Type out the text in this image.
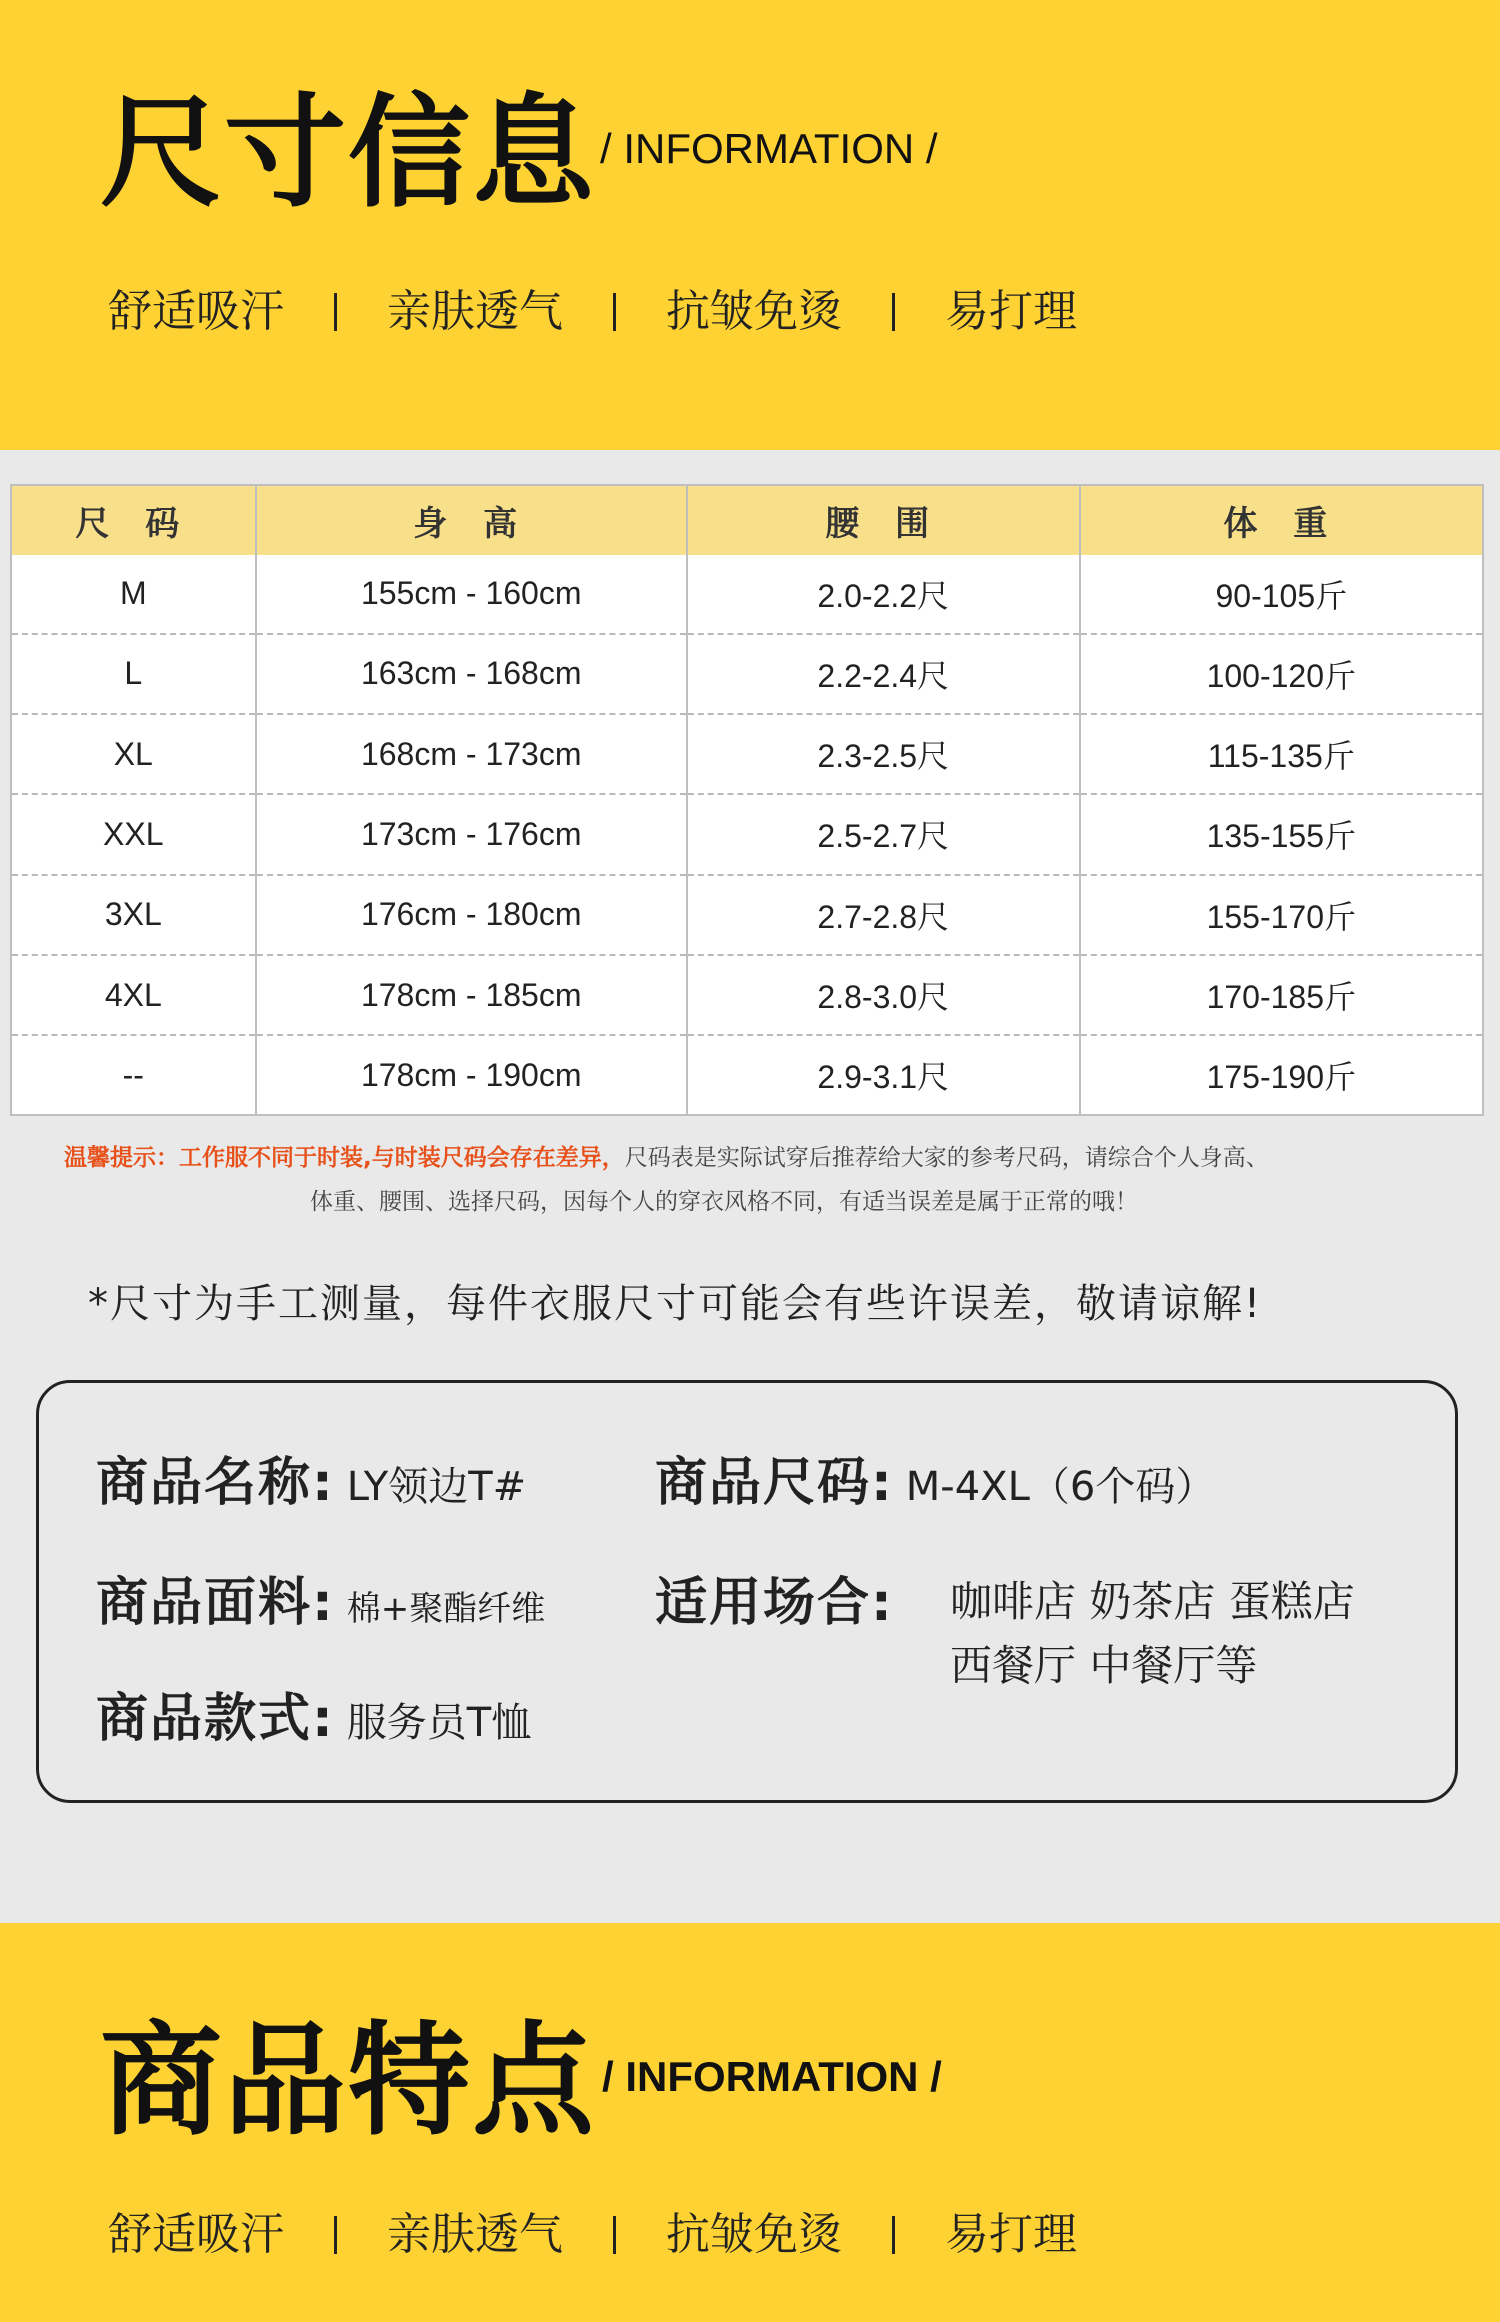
尺寸信息 / INFORMATION /
舒适吸汗 亲肤透气 抗皱免烫 易打理
尺 码	身 高	腰 围	体 重
M	155cm - 160cm	2.0-2.2尺	90-105斤
L	163cm - 168cm	2.2-2.4尺	100-120斤
XL	168cm - 173cm	2.3-2.5尺	115-135斤
XXL	173cm - 176cm	2.5-2.7尺	135-155斤
3XL	176cm - 180cm	2.7-2.8尺	155-170斤
4XL	178cm - 185cm	2.8-3.0尺	170-185斤
--	178cm - 190cm	2.9-3.1尺	175-190斤
温馨提示：工作服不同于时装,与时装尺码会存在差异，尺码表是实际试穿后推荐给大家的参考尺码，请综合个人身高、
体重、腰围、选择尺码，因每个人的穿衣风格不同，有适当误差是属于正常的哦！
*尺寸为手工测量，每件衣服尺寸可能会有些许误差，敬请谅解!
商品名称: LY领边T# 商品尺码: M-4XL（6个码）
商品面料: 棉+聚酯纤维 适用场合: 咖啡店 奶茶店 蛋糕店
西餐厅 中餐厅等
商品款式: 服务员T恤
商品特点 / INFORMATION /
舒适吸汗 亲肤透气 抗皱免烫 易打理
